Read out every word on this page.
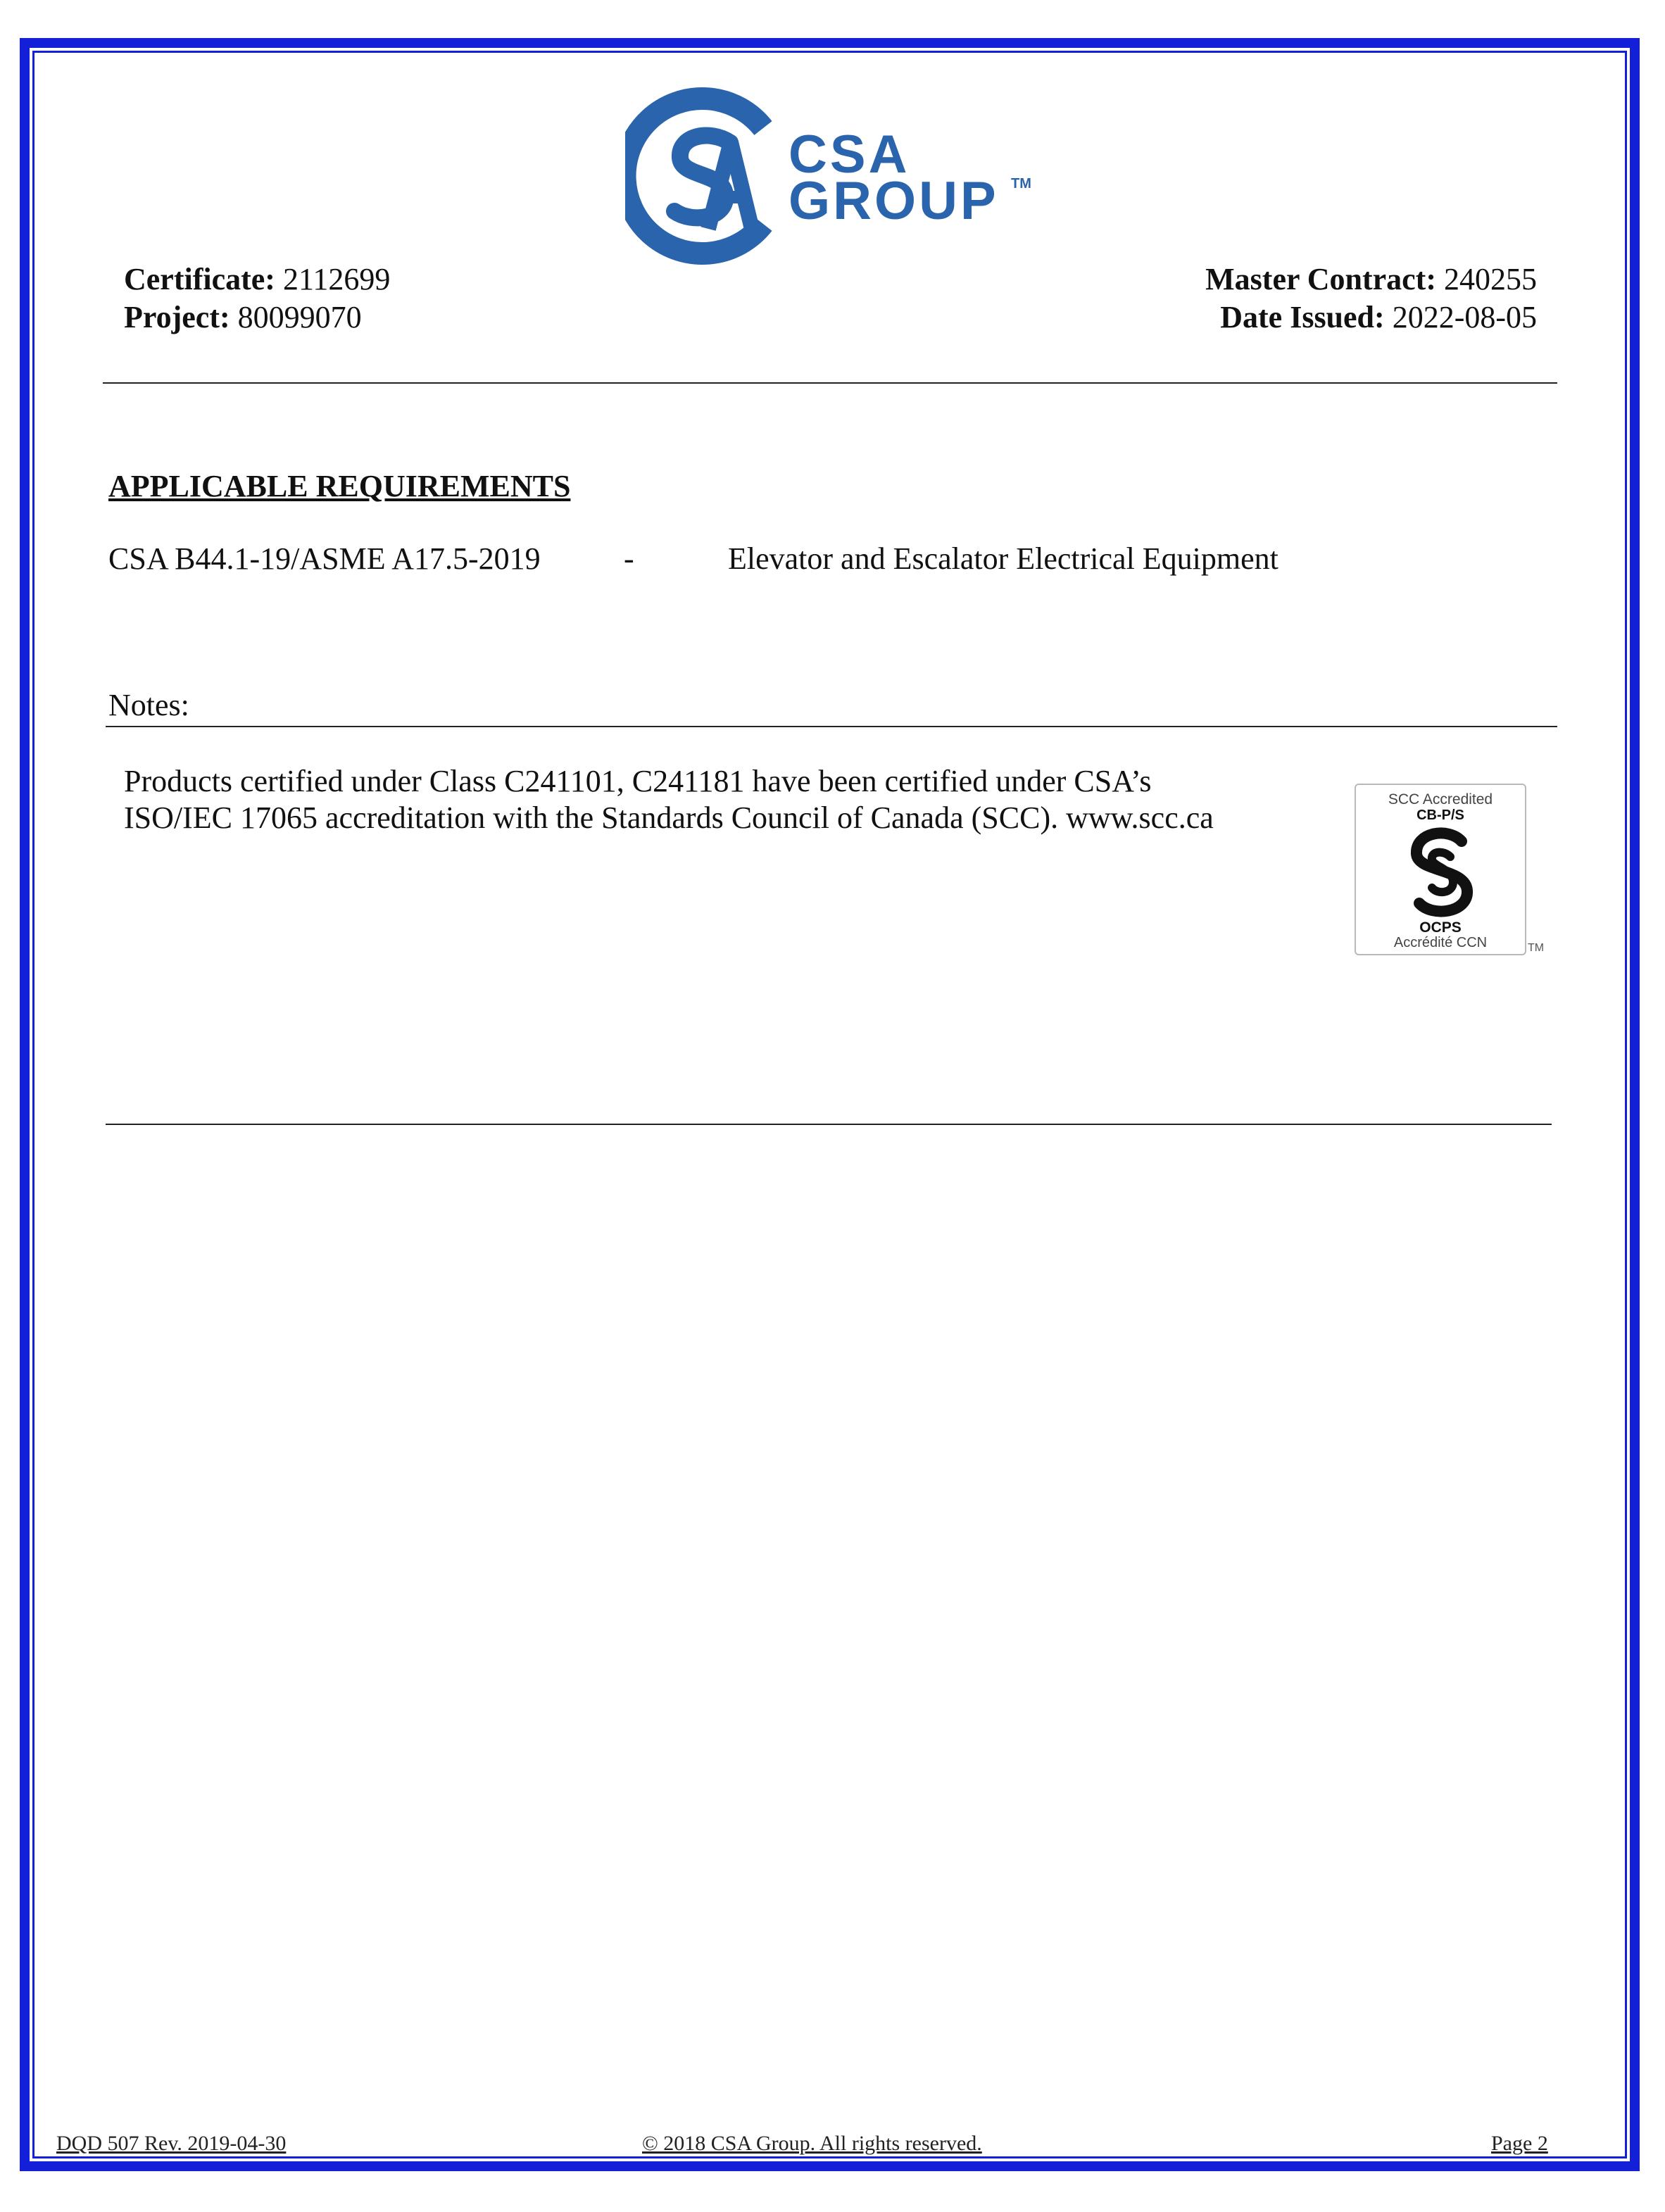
CSA
GROUP TM
Certificate: 2112699
Project: 80099070
Master Contract: 240255
Date Issued: 2022-08-05
APPLICABLE REQUIREMENTS
CSA B44.1-19/ASME A17.5-2019	-	Elevator and Escalator Electrical Equipment
Notes:
Products certified under Class C241101, C241181 have been certified under CSA’s
ISO/IEC 17065 accreditation with the Standards Council of Canada (SCC). www.scc.ca
SCC Accredited
CB-P/S
OCPS
Accrédité CCN	TM
DQD 507 Rev. 2019-04-30	© 2018 CSA Group. All rights reserved.	Page 2
